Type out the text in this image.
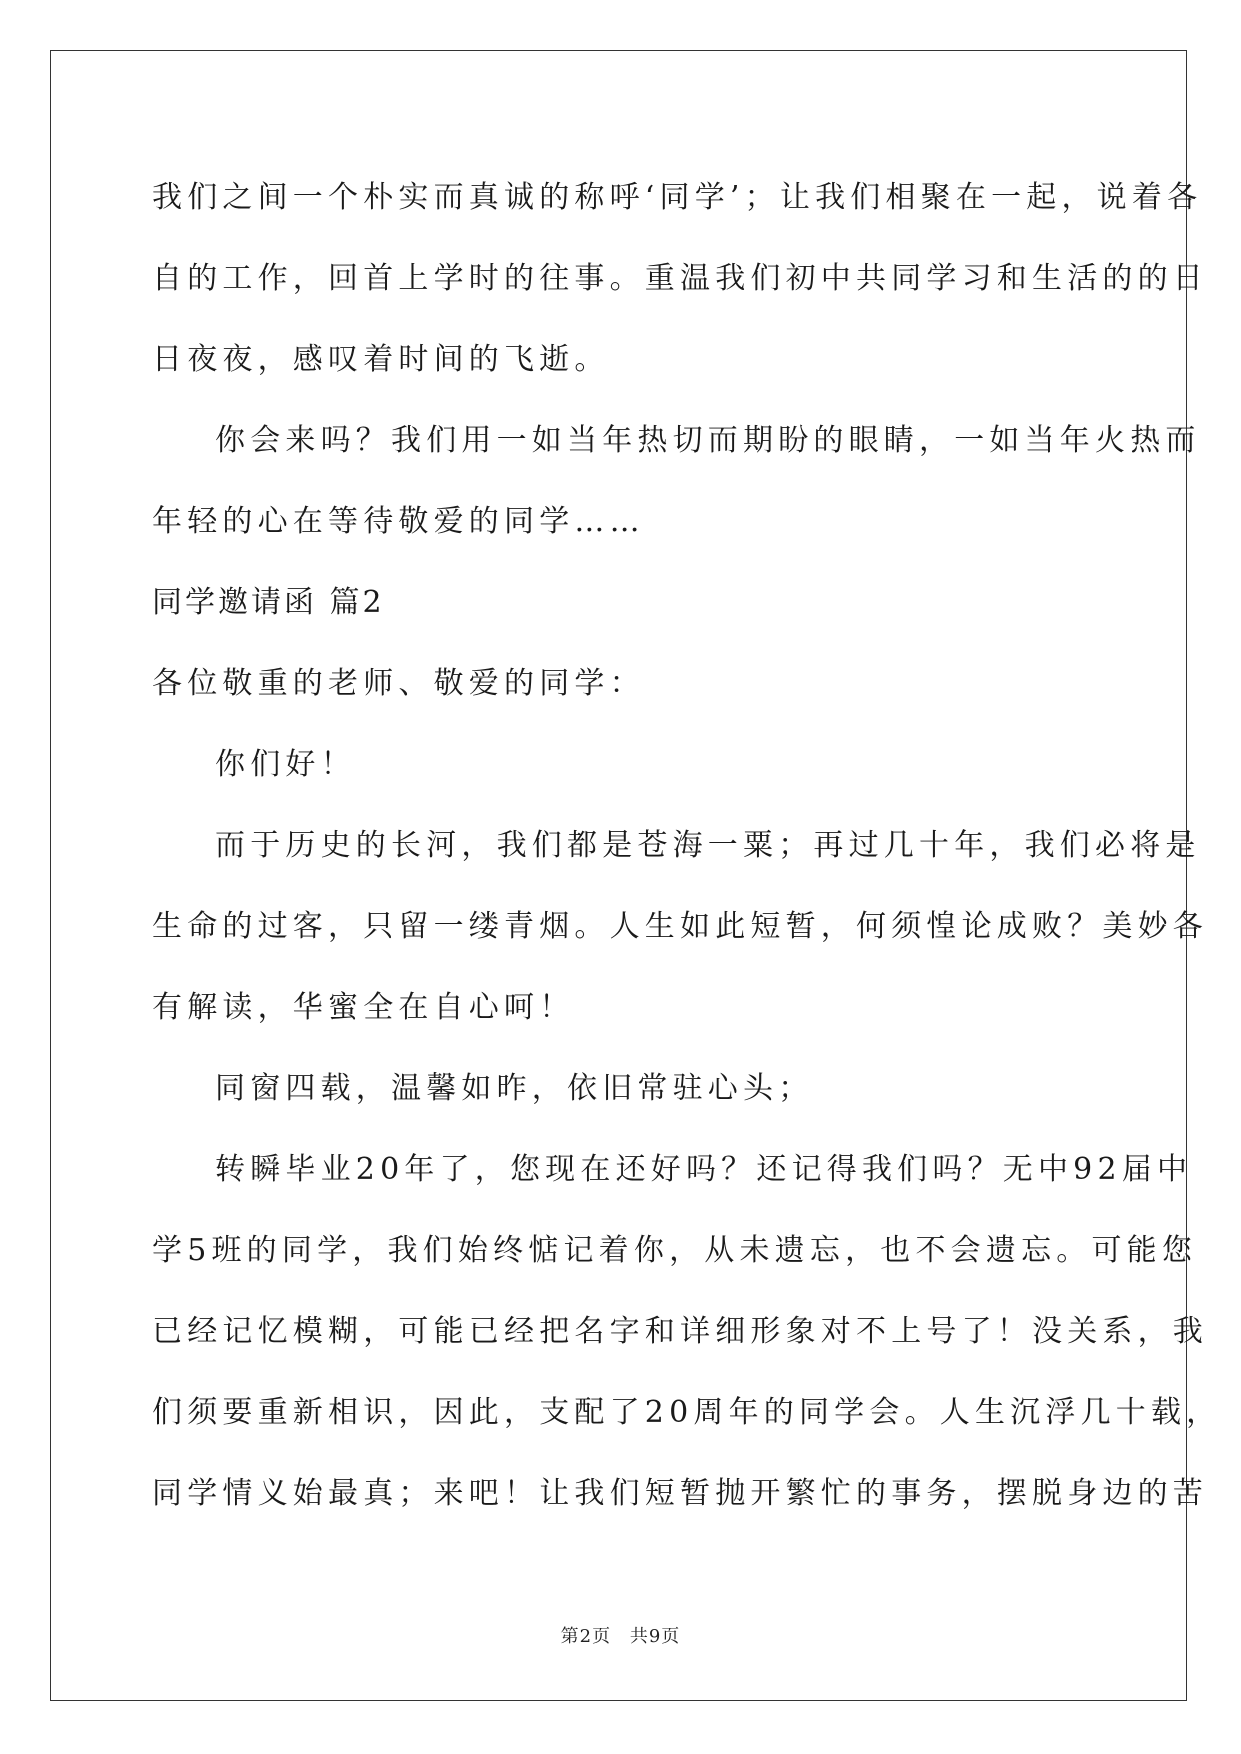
我们之间一个朴实而真诚的称呼‘同学’；让我们相聚在一起，说着各
自的工作，回首上学时的往事。重温我们初中共同学习和生活的的日
日夜夜，感叹着时间的飞逝。
你会来吗？我们用一如当年热切而期盼的眼睛，一如当年火热而
年轻的心在等待敬爱的同学……
同学邀请函 篇2
各位敬重的老师、敬爱的同学：
你们好！
而于历史的长河，我们都是苍海一粟；再过几十年，我们必将是
生命的过客，只留一缕青烟。人生如此短暂，何须惶论成败？美妙各
有解读，华蜜全在自心呵！
同窗四载，温馨如昨，依旧常驻心头；
转瞬毕业20年了，您现在还好吗？还记得我们吗？无中92届中
学5班的同学，我们始终惦记着你，从未遗忘，也不会遗忘。可能您
已经记忆模糊，可能已经把名字和详细形象对不上号了！没关系，我
们须要重新相识，因此，支配了20周年的同学会。人生沉浮几十载，
同学情义始最真；来吧！让我们短暂抛开繁忙的事务，摆脱身边的苦
第2页 共9页
